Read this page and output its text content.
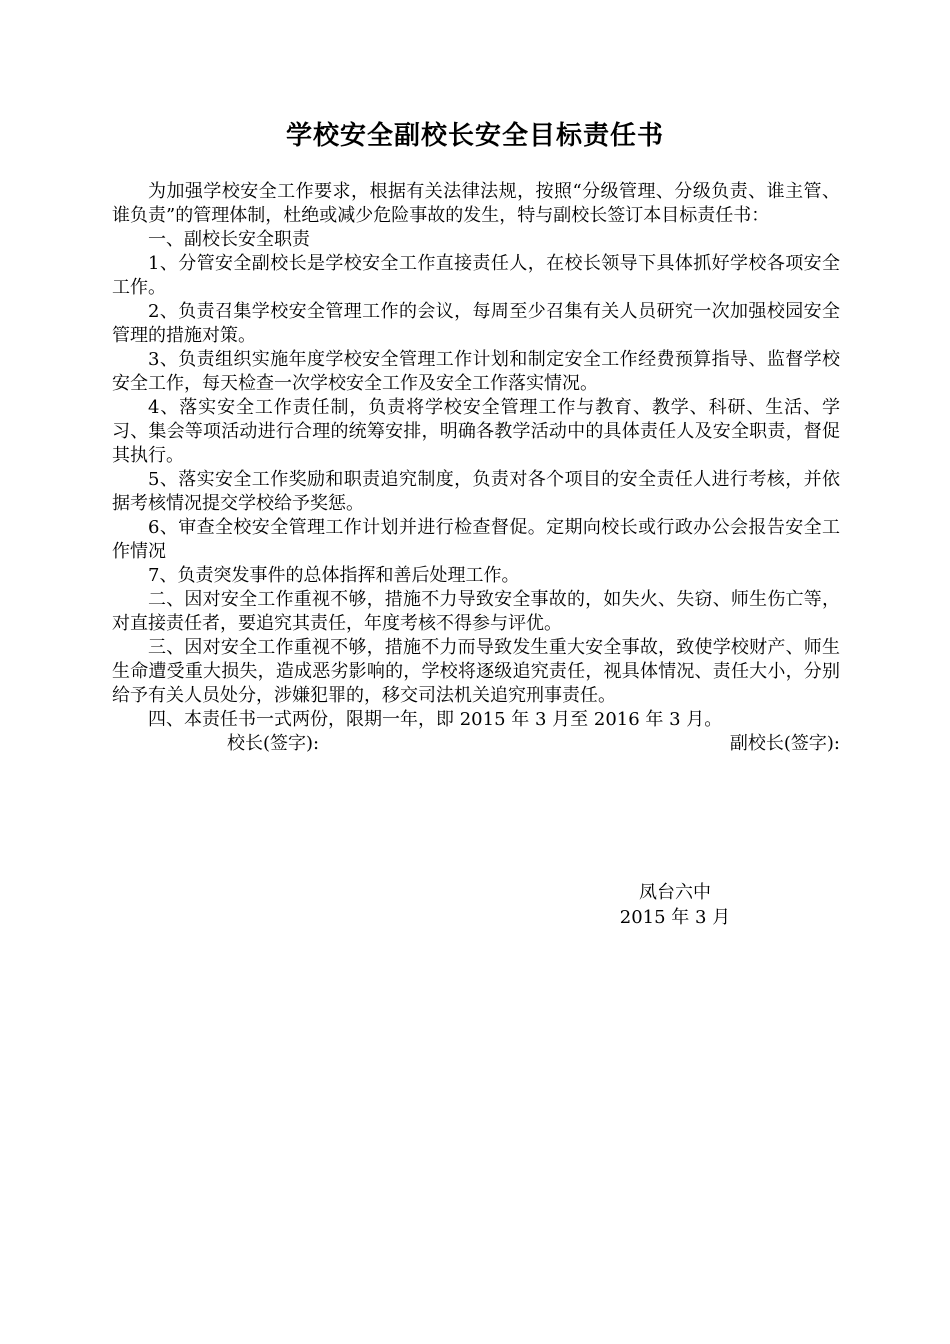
学校安全副校长安全目标责任书

为加强学校安全工作要求，根据有关法律法规，按照“分级管理、分级负责、谁主管、谁负责”的管理体制，杜绝或减少危险事故的发生，特与副校长签订本目标责任书：

一、副校长安全职责

1、分管安全副校长是学校安全工作直接责任人，在校长领导下具体抓好学校各项安全工作。

2、负责召集学校安全管理工作的会议，每周至少召集有关人员研究一次加强校园安全管理的措施对策。

3、负责组织实施年度学校安全管理工作计划和制定安全工作经费预算指导、监督学校安全工作，每天检查一次学校安全工作及安全工作落实情况。

4、落实安全工作责任制，负责将学校安全管理工作与教育、教学、科研、生活、学习、集会等项活动进行合理的统筹安排，明确各教学活动中的具体责任人及安全职责，督促其执行。

5、落实安全工作奖励和职责追究制度，负责对各个项目的安全责任人进行考核，并依据考核情况提交学校给予奖惩。

6、审查全校安全管理工作计划并进行检查督促。定期向校长或行政办公会报告安全工作情况

7、负责突发事件的总体指挥和善后处理工作。

二、因对安全工作重视不够，措施不力导致安全事故的，如失火、失窃、师生伤亡等，对直接责任者，要追究其责任，年度考核不得参与评优。

三、因对安全工作重视不够，措施不力而导致发生重大安全事故，致使学校财产、师生生命遭受重大损失，造成恶劣影响的，学校将逐级追究责任，视具体情况、责任大小，分别给予有关人员处分，涉嫌犯罪的，移交司法机关追究刑事责任。

四、本责任书一式两份，限期一年，即 2015 年 3 月至 2016 年 3 月。

校长(签字):	副校长(签字):
凤台六中
2015 年 3 月
